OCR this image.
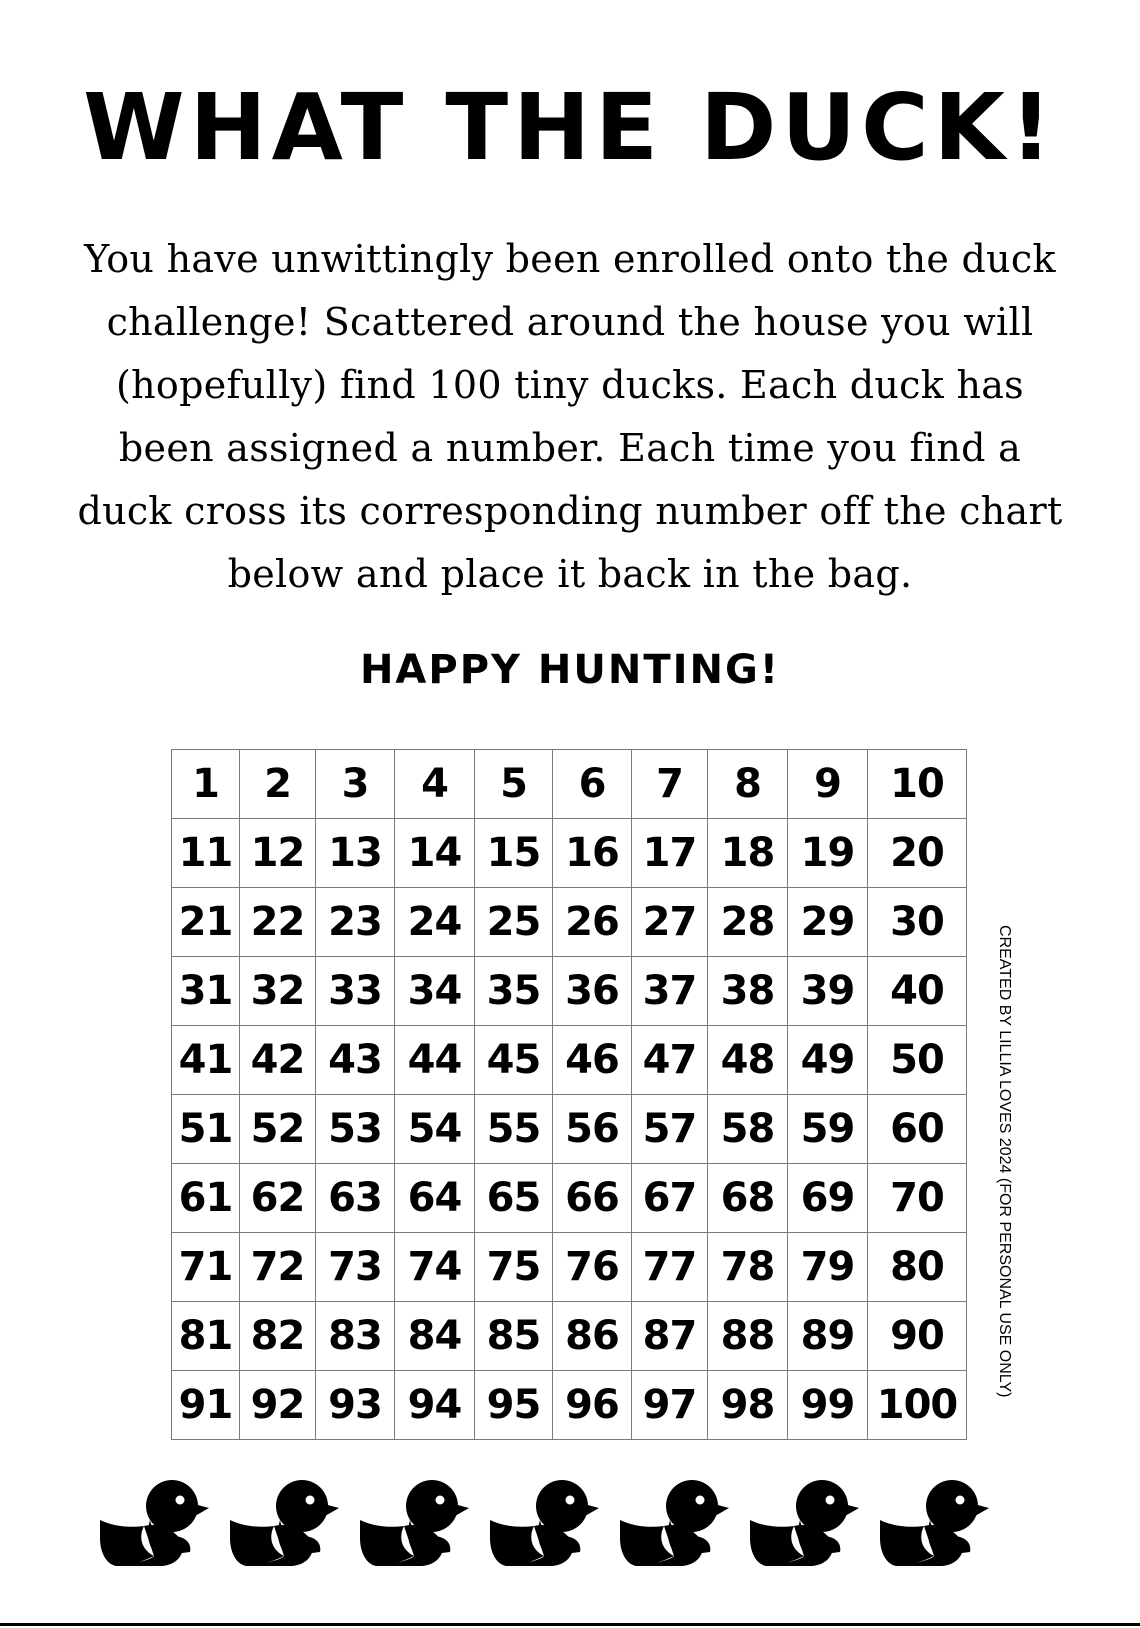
WHAT THE DUCK!

You have unwittingly been enrolled onto the duck
challenge! Scattered around the house you will
(hopefully) find 100 tiny ducks. Each duck has
been assigned a number. Each time you find a
duck cross its corresponding number off the chart
below and place it back in the bag.

HAPPY HUNTING!
1	2	3	4	5	6	7	8	9	10
11	12	13	14	15	16	17	18	19	20
21	22	23	24	25	26	27	28	29	30
31	32	33	34	35	36	37	38	39	40
41	42	43	44	45	46	47	48	49	50
51	52	53	54	55	56	57	58	59	60
61	62	63	64	65	66	67	68	69	70
71	72	73	74	75	76	77	78	79	80
81	82	83	84	85	86	87	88	89	90
91	92	93	94	95	96	97	98	99	100
CREATED BY LILLIA LOVES 2024 (FOR PERSONAL USE ONLY)
